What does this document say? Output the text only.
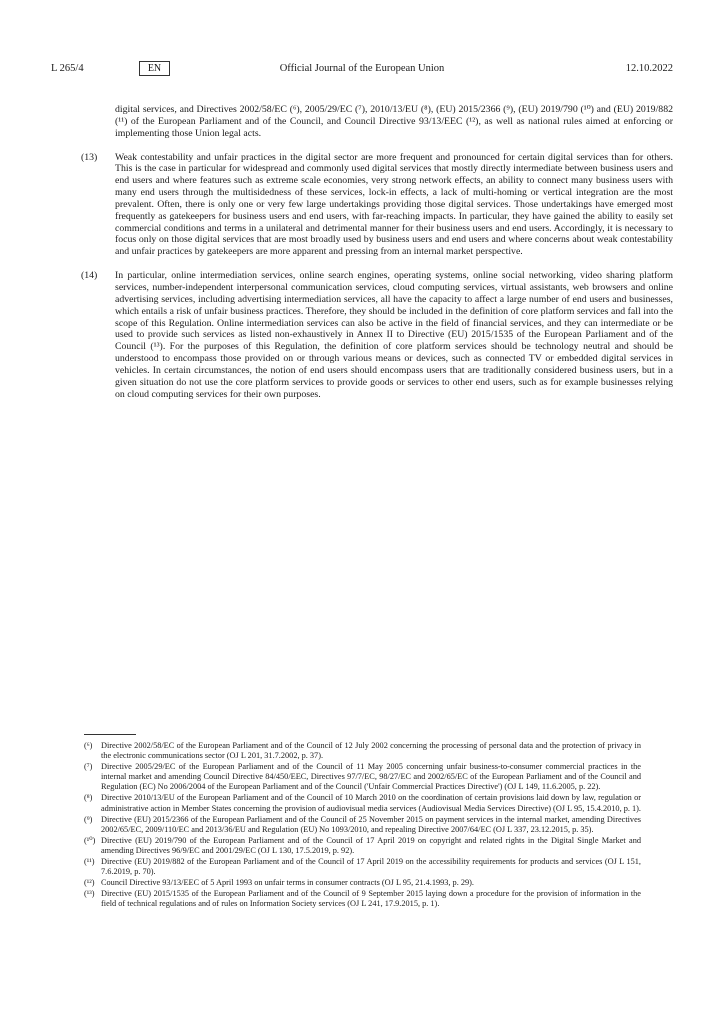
L 265/4	EN	Official Journal of the European Union	12.10.2022
digital services, and Directives 2002/58/EC (⁶), 2005/29/EC (⁷), 2010/13/EU (⁸), (EU) 2015/2366 (⁹), (EU) 2019/790 (¹⁰) and (EU) 2019/882 (¹¹) of the European Parliament and of the Council, and Council Directive 93/13/EEC (¹²), as well as national rules aimed at enforcing or implementing those Union legal acts.
(13) Weak contestability and unfair practices in the digital sector are more frequent and pronounced for certain digital services than for others. This is the case in particular for widespread and commonly used digital services that mostly directly intermediate between business users and end users and where features such as extreme scale economies, very strong network effects, an ability to connect many business users with many end users through the multisidedness of these services, lock-in effects, a lack of multi-homing or vertical integration are the most prevalent. Often, there is only one or very few large undertakings providing those digital services. Those undertakings have emerged most frequently as gatekeepers for business users and end users, with far-reaching impacts. In particular, they have gained the ability to easily set commercial conditions and terms in a unilateral and detrimental manner for their business users and end users. Accordingly, it is necessary to focus only on those digital services that are most broadly used by business users and end users and where concerns about weak contestability and unfair practices by gatekeepers are more apparent and pressing from an internal market perspective.
(14) In particular, online intermediation services, online search engines, operating systems, online social networking, video sharing platform services, number-independent interpersonal communication services, cloud computing services, virtual assistants, web browsers and online advertising services, including advertising intermediation services, all have the capacity to affect a large number of end users and businesses, which entails a risk of unfair business practices. Therefore, they should be included in the definition of core platform services and fall into the scope of this Regulation. Online intermediation services can also be active in the field of financial services, and they can intermediate or be used to provide such services as listed non-exhaustively in Annex II to Directive (EU) 2015/1535 of the European Parliament and of the Council (¹³). For the purposes of this Regulation, the definition of core platform services should be technology neutral and should be understood to encompass those provided on or through various means or devices, such as connected TV or embedded digital services in vehicles. In certain circumstances, the notion of end users should encompass users that are traditionally considered business users, but in a given situation do not use the core platform services to provide goods or services to other end users, such as for example businesses relying on cloud computing services for their own purposes.
(⁶) Directive 2002/58/EC of the European Parliament and of the Council of 12 July 2002 concerning the processing of personal data and the protection of privacy in the electronic communications sector (OJ L 201, 31.7.2002, p. 37).
(⁷) Directive 2005/29/EC of the European Parliament and of the Council of 11 May 2005 concerning unfair business-to-consumer commercial practices in the internal market and amending Council Directive 84/450/EEC, Directives 97/7/EC, 98/27/EC and 2002/65/EC of the European Parliament and of the Council and Regulation (EC) No 2006/2004 of the European Parliament and of the Council ('Unfair Commercial Practices Directive') (OJ L 149, 11.6.2005, p. 22).
(⁸) Directive 2010/13/EU of the European Parliament and of the Council of 10 March 2010 on the coordination of certain provisions laid down by law, regulation or administrative action in Member States concerning the provision of audiovisual media services (Audiovisual Media Services Directive) (OJ L 95, 15.4.2010, p. 1).
(⁹) Directive (EU) 2015/2366 of the European Parliament and of the Council of 25 November 2015 on payment services in the internal market, amending Directives 2002/65/EC, 2009/110/EC and 2013/36/EU and Regulation (EU) No 1093/2010, and repealing Directive 2007/64/EC (OJ L 337, 23.12.2015, p. 35).
(¹⁰) Directive (EU) 2019/790 of the European Parliament and of the Council of 17 April 2019 on copyright and related rights in the Digital Single Market and amending Directives 96/9/EC and 2001/29/EC (OJ L 130, 17.5.2019, p. 92).
(¹¹) Directive (EU) 2019/882 of the European Parliament and of the Council of 17 April 2019 on the accessibility requirements for products and services (OJ L 151, 7.6.2019, p. 70).
(¹²) Council Directive 93/13/EEC of 5 April 1993 on unfair terms in consumer contracts (OJ L 95, 21.4.1993, p. 29).
(¹³) Directive (EU) 2015/1535 of the European Parliament and of the Council of 9 September 2015 laying down a procedure for the provision of information in the field of technical regulations and of rules on Information Society services (OJ L 241, 17.9.2015, p. 1).
